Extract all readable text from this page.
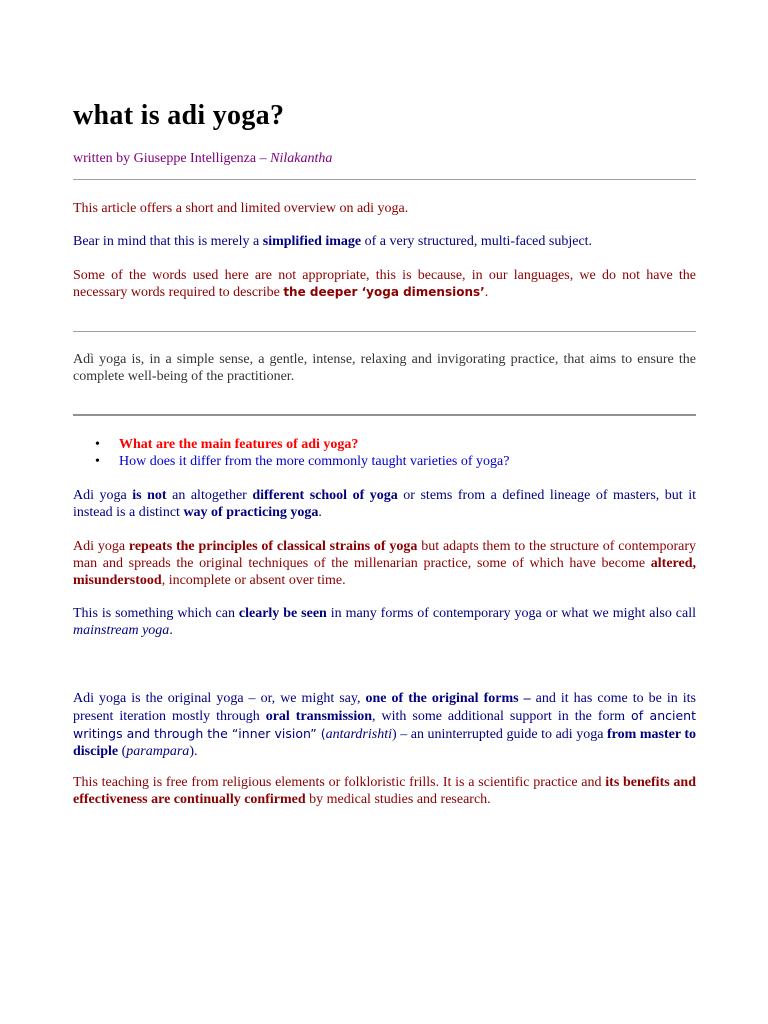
what is adi yoga?

written by Giuseppe Intelligenza – Nilakantha

This article offers a short and limited overview on adi yoga.

Bear in mind that this is merely a simplified image of a very structured, multi-faced subject.

Some of the words used here are not appropriate, this is because, in our languages, we do not have the necessary words required to describe the deeper ‘yoga dimensions’.

Adì yoga is, in a simple sense, a gentle, intense, relaxing and invigorating practice, that aims to ensure the complete well-being of the practitioner.

• What are the main features of adi yoga?
• How does it differ from the more commonly taught varieties of yoga?

Adi yoga is not an altogether different school of yoga or stems from a defined lineage of masters, but it instead is a distinct way of practicing yoga.

Adi yoga repeats the principles of classical strains of yoga but adapts them to the structure of contemporary man and spreads the original techniques of the millenarian practice, some of which have become altered, misunderstood, incomplete or absent over time.

This is something which can clearly be seen in many forms of contemporary yoga or what we might also call mainstream yoga.

Adi yoga is the original yoga – or, we might say, one of the original forms – and it has come to be in its present iteration mostly through oral transmission, with some additional support in the form of ancient writings and through the “inner vision” (antardrishti) – an uninterrupted guide to adi yoga from master to disciple (parampara).

This teaching is free from religious elements or folkloristic frills. It is a scientific practice and its benefits and effectiveness are continually confirmed by medical studies and research.
